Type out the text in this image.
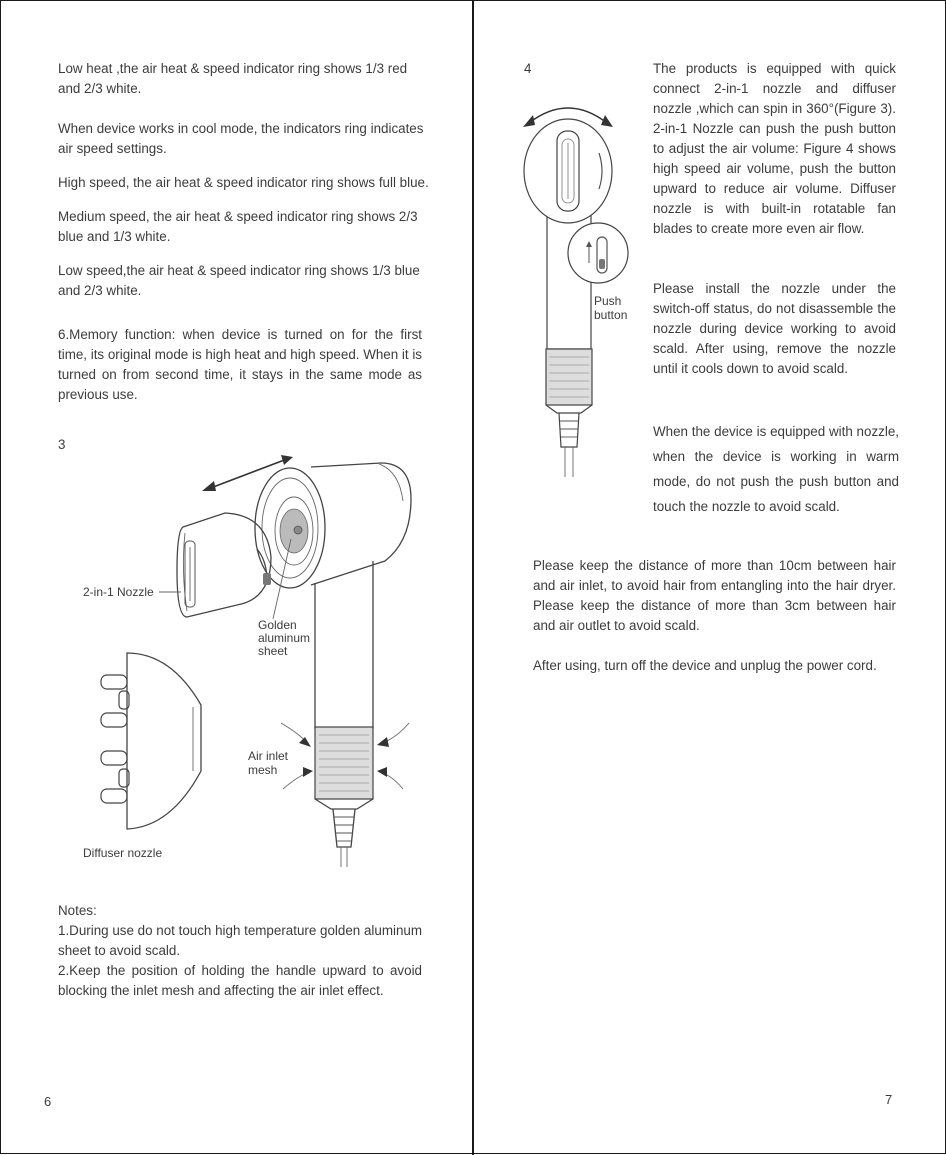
Low heat ,the air heat & speed indicator ring shows 1/3 red and 2/3 white.
When device works in cool mode, the indicators ring indicates air speed settings.
High speed, the air heat & speed indicator ring shows full blue.
Medium speed, the air heat & speed indicator ring shows 2/3 blue and 1/3 white.
Low speed,the air heat & speed indicator ring shows 1/3 blue and 2/3 white.
6.Memory function: when device is turned on for the first time, its original mode is high heat and high speed. When it is turned on from second time, it stays in the same mode as previous use.
3
2-in-1 Nozzle
Golden
aluminum
sheet
Air inlet
mesh
Diffuser nozzle
Notes:
1.During use do not touch high temperature golden aluminum sheet to avoid scald.
2.Keep the position of holding the handle upward to avoid blocking the inlet mesh and affecting the air inlet effect.
6
4
Push
button
The products is equipped with quick connect 2-in-1 nozzle and diffuser nozzle ,which can spin in 360°(Figure 3). 2-in-1 Nozzle can push the push button to adjust the air volume: Figure 4 shows high speed air volume, push the button upward to reduce air volume. Diffuser nozzle is with built-in rotatable fan blades to create more even air flow.
Please install the nozzle under the switch-off status, do not disassemble the nozzle during device working to avoid scald. After using, remove the nozzle until it cools down to avoid scald.
When the device is equipped with nozzle, when the device is working in warm mode, do not push the push button and touch the nozzle to avoid scald.
Please keep the distance of more than 10cm between hair and air inlet, to avoid hair from entangling into the hair dryer. Please keep the distance of more than 3cm between hair and air outlet to avoid scald.
After using, turn off the device and unplug the power cord.
7
